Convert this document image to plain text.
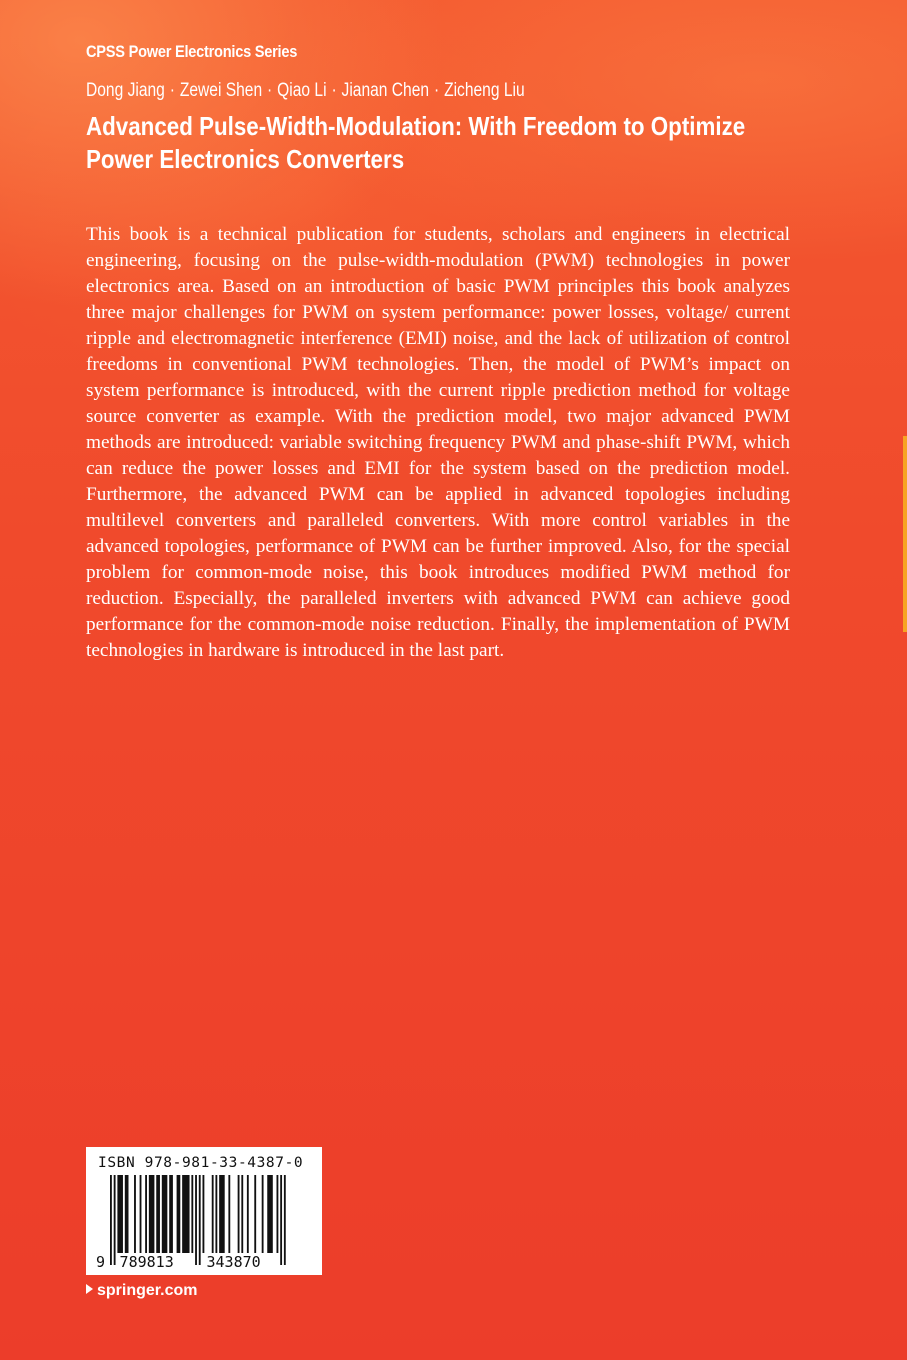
CPSS Power Electronics Series
Dong Jiang · Zewei Shen · Qiao Li · Jianan Chen · Zicheng Liu
Advanced Pulse-Width-Modulation: With Freedom to Optimize
Power Electronics Converters

This book is a technical publication for students, scholars and engineers in electrical engineering, focusing on the pulse-width-modulation (PWM) technologies in power electronics area. Based on an introduction of basic PWM principles this book analyzes three major challenges for PWM on system performance: power losses, voltage/ current ripple and electromagnetic interference (EMI) noise, and the lack of utilization of control freedoms in conventional PWM technologies. Then, the model of PWM’s impact on system performance is introduced, with the current ripple prediction method for voltage source converter as example. With the prediction model, two major advanced PWM methods are introduced: variable switching frequency PWM and phase-shift PWM, which can reduce the power losses and EMI for the system based on the prediction model. Furthermore, the advanced PWM can be applied in advanced topologies including multilevel converters and paralleled converters. With more control variables in the advanced topologies, performance of PWM can be further improved. Also, for the special problem for common-mode noise, this book introduces modified PWM method for reduction. Especially, the paralleled inverters with advanced PWM can achieve good performance for the common-mode noise reduction. Finally, the implementation of PWM technologies in hardware is introduced in the last part.

ISBN 978-981-33-4387-0
9 789813 343870
springer.com
